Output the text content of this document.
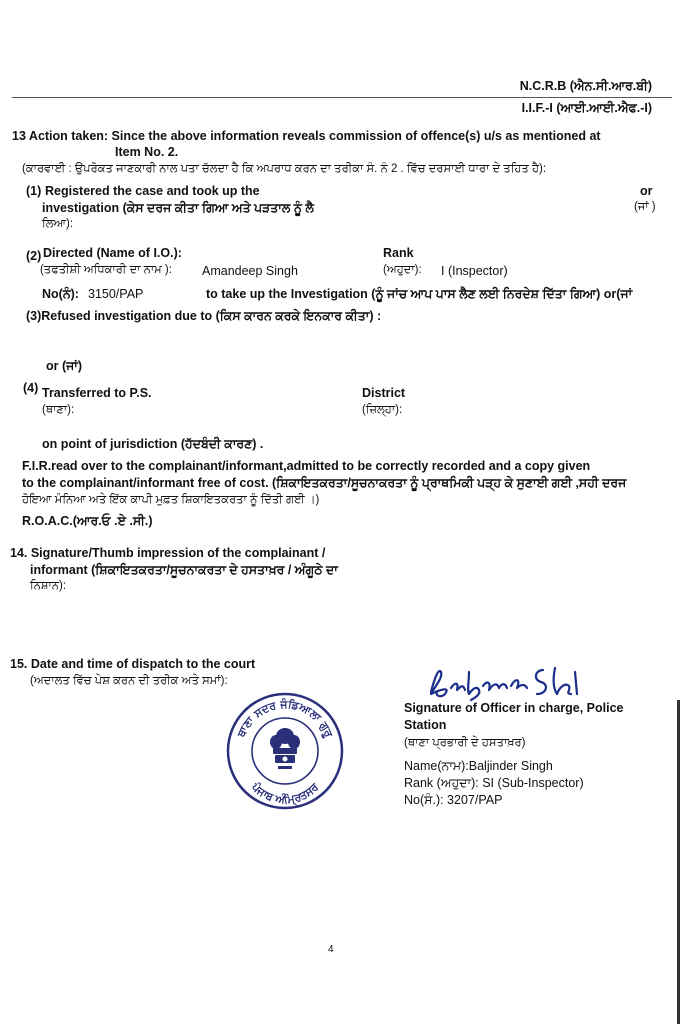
N.C.R.B (ਐਨ.ਸੀ.ਆਰ.ਬੀ)
I.I.F.-I (ਆਈ.ਆਈ.ਐਫ.-I)
13 Action taken: Since the above information reveals commission of offence(s) u/s as mentioned at
Item No. 2.
(ਕਾਰਵਾਈ : ਉਪਰੋਕਤ ਜਾਣਕਾਰੀ ਨਾਲ ਪਤਾ ਚੱਲਦਾ ਹੈ ਕਿ ਅਪਰਾਧ ਕਰਨ ਦਾ ਤਰੀਕਾ ਸੰ. ਨੰ 2 . ਵਿੱਚ ਦਰਸਾਈ ਧਾਰਾ ਦੇ ਤਹਿਤ ਹੈ):
(1) Registered the case and took up the
investigation (ਕੇਸ ਦਰਜ ਕੀਤਾ ਗਿਆ ਅਤੇ ਪੜਤਾਲ ਨੂੰ ਲੈ
ਲਿਆ):
or
(ਜਾਂ )
(2) Directed (Name of I.O.):
(ਤਫਤੀਸ਼ੀ ਅਧਿਕਾਰੀ ਦਾ ਨਾਮ ): Amandeep Singh
Rank
(ਅਹੁਦਾ): I (Inspector)
No(ਨੰ): 3150/PAP	to take up the Investigation (ਨੂੰ ਜਾਂਚ ਆਪ ਪਾਸ ਲੈਣ ਲਈ ਨਿਰਦੇਸ਼ ਦਿੱਤਾ ਗਿਆ) or(ਜਾਂ
(3)Refused investigation due to (ਕਿਸ ਕਾਰਨ ਕਰਕੇ ਇਨਕਾਰ ਕੀਤਾ) :
or (ਜਾਂ)
(4) Transferred to P.S.
(ਥਾਣਾ):
District
(ਜ਼ਿਲ੍ਹਾ):
on point of jurisdiction (ਹੱਦਬੰਦੀ ਕਾਰਣ) .
F.I.R.read over to the complainant/informant,admitted to be correctly recorded and a copy given
to the complainant/informant free of cost. (ਸ਼ਿਕਾਇਤਕਰਤਾ/ਸੂਚਨਾਕਰਤਾ ਨੂੰ ਪ੍ਰਾਥਮਿਕੀ ਪੜ੍ਹ ਕੇ ਸੁਣਾਈ ਗਈ ,ਸਹੀ ਦਰਜ
ਹੋਇਆ ਮੰਨਿਆ ਅਤੇ ਇੱਕ ਕਾਪੀ ਮੁਫ਼ਤ ਸ਼ਿਕਾਇਤਕਰਤਾ ਨੂੰ ਦਿੱਤੀ ਗਈ ।)
R.O.A.C.(ਆਰ.ਓ .ਏ .ਸੀ.)
14. Signature/Thumb impression of the complainant /
informant (ਸ਼ਿਕਾਇਤਕਰਤਾ/ਸੂਚਨਾਕਰਤਾ ਦੇ ਹਸਤਾਖ਼ਰ / ਅੰਗੂਠੇ ਦਾ
ਨਿਸ਼ਾਨ):
15. Date and time of dispatch to the court
(ਅਦਾਲਤ ਵਿੱਚ ਪੇਸ਼ ਕਰਨ ਦੀ ਤਰੀਕ ਅਤੇ ਸਮਾਂ):
Signature of Officer in charge, Police
Station
(ਥਾਣਾ ਪ੍ਰਭਾਰੀ ਦੇ ਹਸਤਾਖ਼ਰ)
Name(ਨਾਮ):Baljinder Singh
Rank (ਅਹੁਦਾ): SI (Sub-Inspector)
No(ਸੰ.): 3207/PAP
ਥਾਣਾ ਸਦਰ ਜੰਡਿਆਲਾ ਗੁਰੂ
ਪੰਜਾਬ ਅੰਮ੍ਰਿਤਸਰ
4
